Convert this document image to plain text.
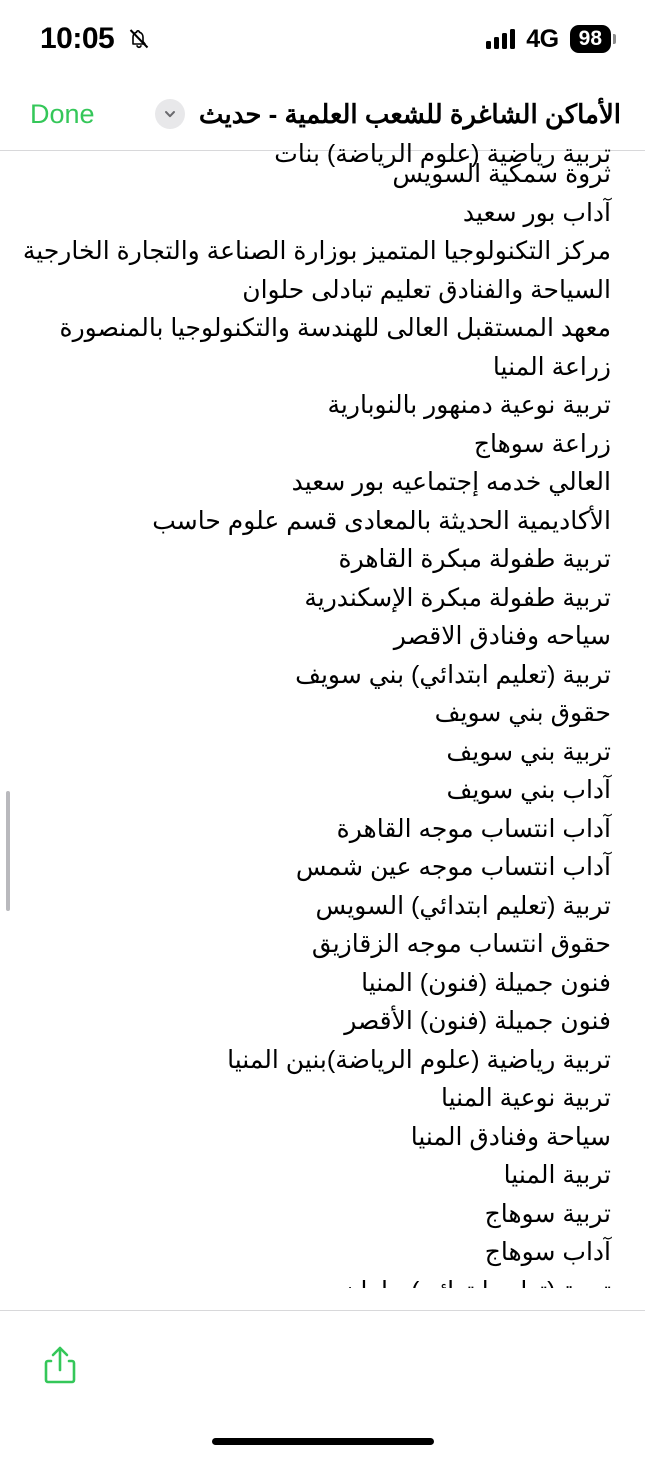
10:05	4G 98
الأماكن الشاغرة للشعب العلمية - حديث
Done
تربية رياضية (علوم الرياضة) بنات
ثروة سمكية السويس
آداب بور سعيد
مركز التكنولوجيا المتميز بوزارة الصناعة والتجارة الخارجية
السياحة والفنادق تعليم تبادلى حلوان
معهد المستقبل العالى للهندسة والتكنولوجيا بالمنصورة
زراعة المنيا
تربية نوعية دمنهور بالنوبارية
زراعة سوهاج
العالي خدمه إجتماعيه بور سعيد
الأكاديمية الحديثة بالمعادى قسم علوم حاسب
تربية طفولة مبكرة القاهرة
تربية طفولة مبكرة الإسكندرية
سياحه وفنادق الاقصر
تربية (تعليم ابتدائي) بني سويف
حقوق بني سويف
تربية بني سويف
آداب بني سويف
آداب انتساب موجه القاهرة
آداب انتساب موجه عين شمس
تربية (تعليم ابتدائي) السويس
حقوق انتساب موجه الزقازيق
فنون جميلة (فنون) المنيا
فنون جميلة (فنون) الأقصر
تربية رياضية (علوم الرياضة)بنين المنيا
تربية نوعية المنيا
سياحة وفنادق المنيا
تربية المنيا
تربية سوهاج
آداب سوهاج
